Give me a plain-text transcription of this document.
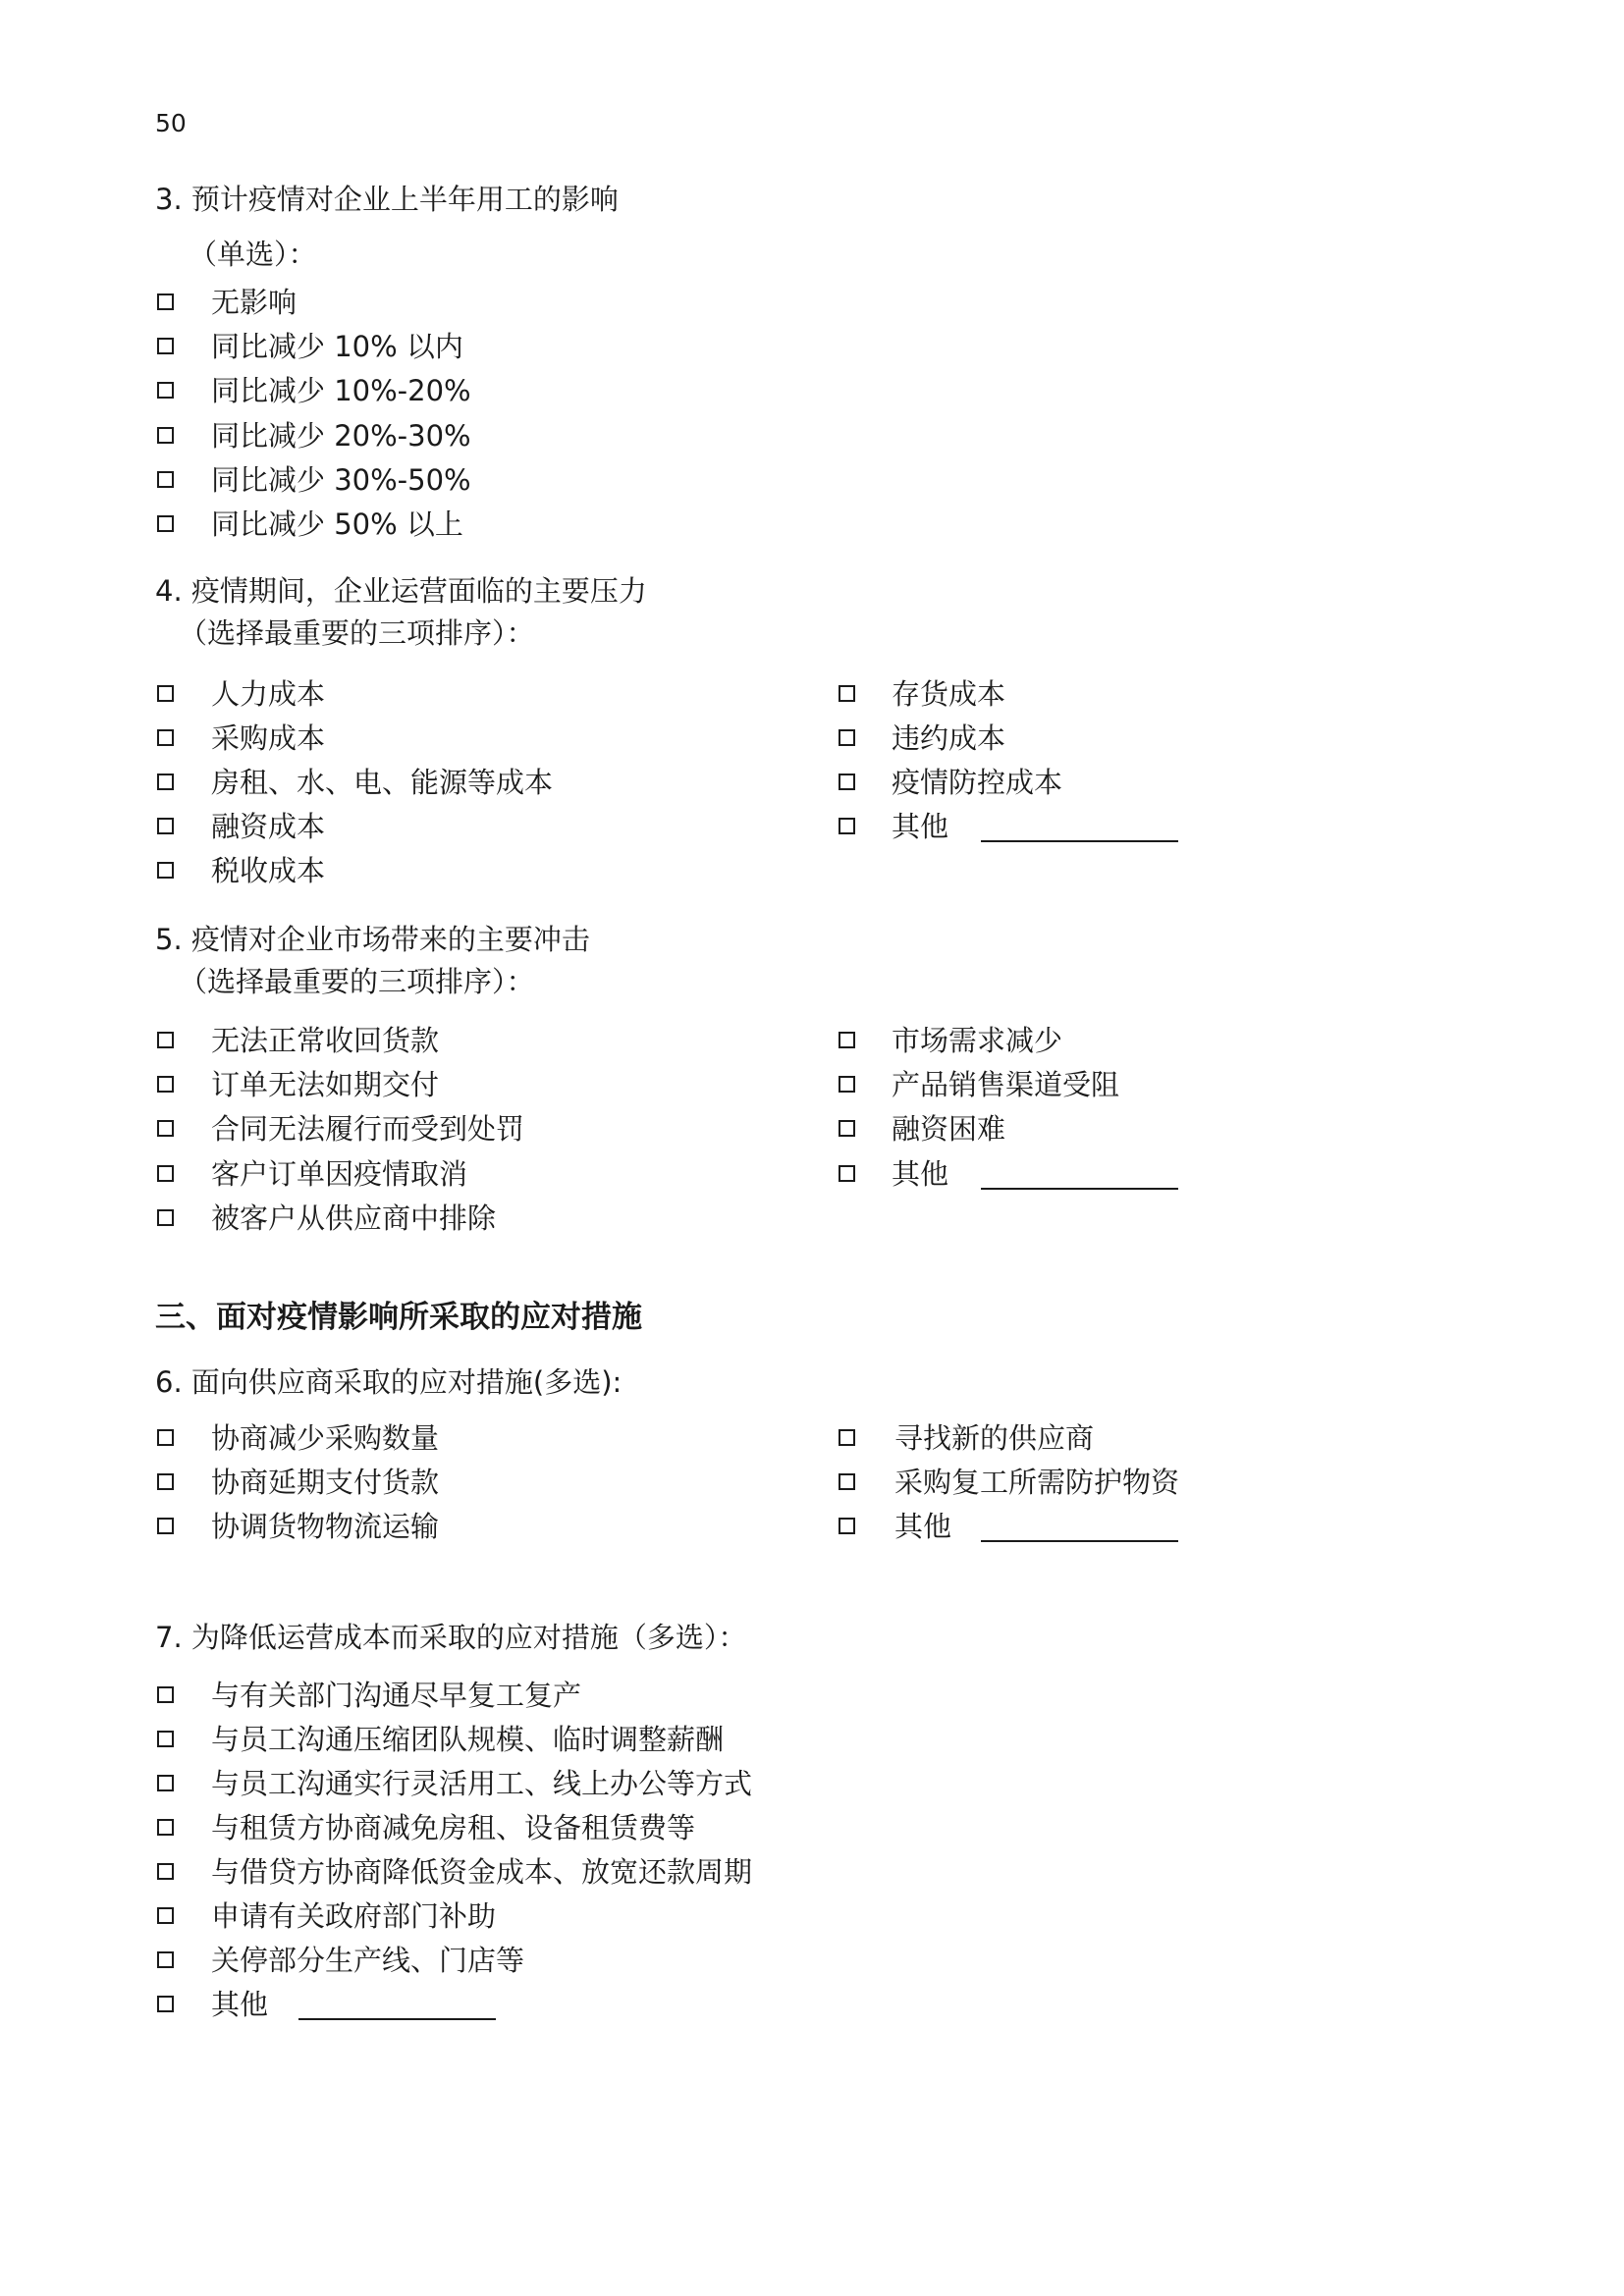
50
3. 预计疫情对企业上半年用工的影响
（单选）：
4. 疫情期间，企业运营面临的主要压力
（选择最重要的三项排序）：
5. 疫情对企业市场带来的主要冲击
（选择最重要的三项排序）：
三、面对疫情影响所采取的应对措施
6. 面向供应商采取的应对措施(多选):
7. 为降低运营成本而采取的应对措施（多选）：
无影响
同比减少 10% 以内
同比减少 10%-20%
同比减少 20%-30%
同比减少 30%-50%
同比减少 50% 以上
人力成本
采购成本
房租、水、电、能源等成本
融资成本
税收成本
存货成本
违约成本
疫情防控成本
其他
无法正常收回货款
订单无法如期交付
合同无法履行而受到处罚
客户订单因疫情取消
被客户从供应商中排除
市场需求减少
产品销售渠道受阻
融资困难
其他
协商减少采购数量
协商延期支付货款
协调货物物流运输
寻找新的供应商
采购复工所需防护物资
其他
与有关部门沟通尽早复工复产
与员工沟通压缩团队规模、临时调整薪酬
与员工沟通实行灵活用工、线上办公等方式
与租赁方协商减免房租、设备租赁费等
与借贷方协商降低资金成本、放宽还款周期
申请有关政府部门补助
关停部分生产线、门店等
其他
